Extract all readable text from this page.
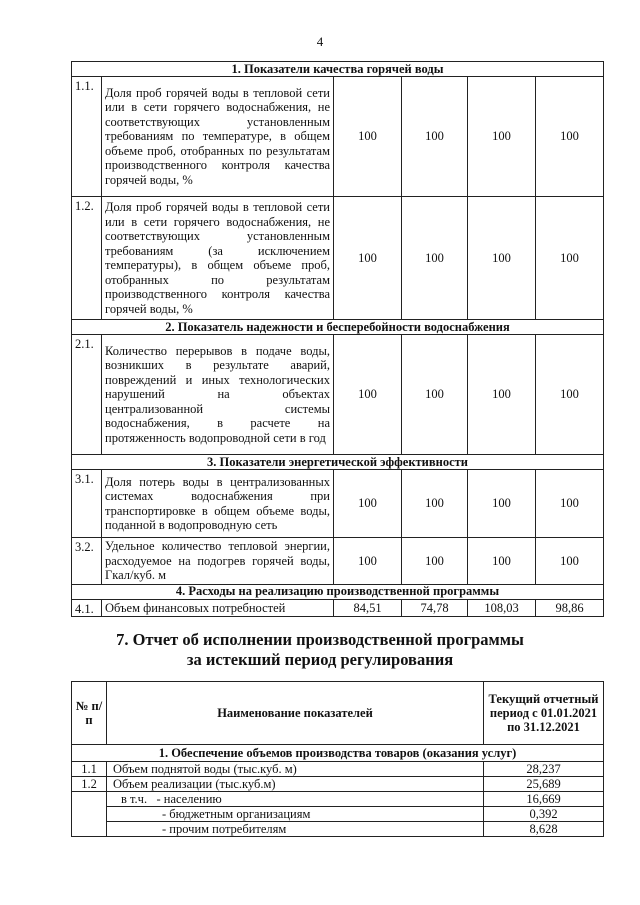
4
1. Показатели качества горячей воды					
1.1.	Доля проб горячей воды в тепловой сети или в сети горячего водоснабжения, не соответствующих установленным требованиям по температуре, в общем объеме проб, отобранных по результатам производственного контроля качества горячей воды, %	100	100	100	100
1.2.	Доля проб горячей воды в тепловой сети или в сети горячего водоснабжения, не соответствующих установленным требованиям (за исключением температуры), в общем объеме проб, отобранных по результатам производственного контроля качества горячей воды, %	100	100	100	100
2. Показатель надежности и бесперебойности водоснабжения					
2.1.	Количество перерывов в подаче воды, возникших в результате аварий, повреждений и иных технологических нарушений на объектах централизованной системы водоснабжения, в расчете на протяженность водопроводной сети в год	100	100	100	100
3. Показатели энергетической эффективности					
3.1.	Доля потерь воды в централизованных системах водоснабжения при транспортировке в общем объеме воды, поданной в водопроводную сеть	100	100	100	100
3.2.	Удельное количество тепловой энергии, расходуемое на подогрев горячей воды, Гкал/куб. м	100	100	100	100
4. Расходы на реализацию производственной программы					
4.1.	Объем финансовых потребностей	84,51	74,78	108,03	98,86
7. Отчет об исполнении производственной программы
за истекший период регулирования
№ п/п	Наименование показателей	Текущий отчетный период с 01.01.2021 по 31.12.2021
1. Обеспечение объемов производства товаров (оказания услуг)		
1.1	Объем поднятой воды (тыс.куб. м)	28,237
1.2	Объем реализации (тыс.куб.м)	25,689
	в т.ч.   - населению	16,669
	- бюджетным организациям	0,392
	- прочим потребителям	8,628
